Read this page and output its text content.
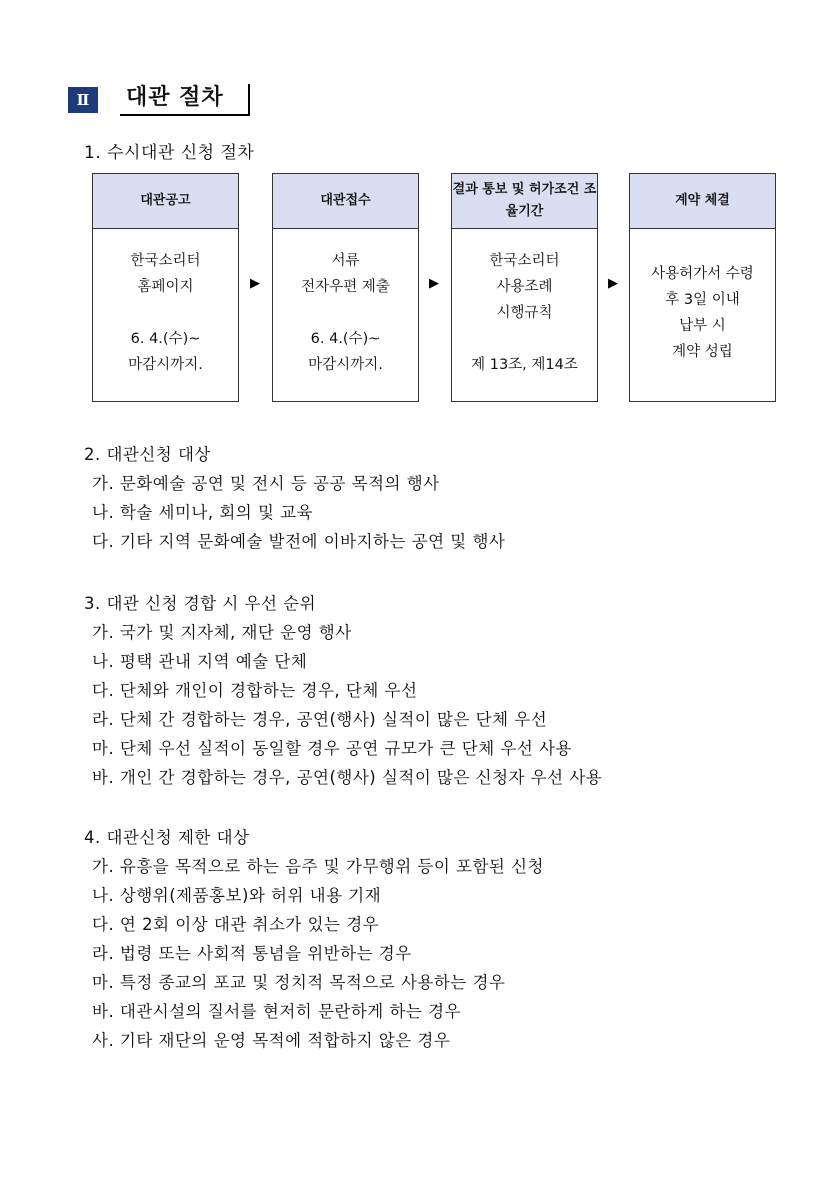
Ⅱ	대관 절차
1. 수시대관 신청 절차
대관공고
한국소리터
홈페이지
6. 4.(수)~
마감시까지.
▶
대관접수
서류
전자우편 제출
6. 4.(수)~
마감시까지.
▶
결과 통보 및 허가조건 조율기간
한국소리터
사용조례
시행규칙
제 13조, 제14조
▶
계약 체결
사용허가서 수령
후 3일 이내
납부 시
계약 성립
2. 대관신청 대상
가. 문화예술 공연 및 전시 등 공공 목적의 행사
나. 학술 세미나, 회의 및 교육
다. 기타 지역 문화예술 발전에 이바지하는 공연 및 행사
3. 대관 신청 경합 시 우선 순위
가. 국가 및 지자체, 재단 운영 행사
나. 평택 관내 지역 예술 단체
다. 단체와 개인이 경합하는 경우, 단체 우선
라. 단체 간 경합하는 경우, 공연(행사) 실적이 많은 단체 우선
마. 단체 우선 실적이 동일할 경우 공연 규모가 큰 단체 우선 사용
바. 개인 간 경합하는 경우, 공연(행사) 실적이 많은 신청자 우선 사용
4. 대관신청 제한 대상
가. 유흥을 목적으로 하는 음주 및 가무행위 등이 포함된 신청
나. 상행위(제품홍보)와 허위 내용 기재
다. 연 2회 이상 대관 취소가 있는 경우
라. 법령 또는 사회적 통념을 위반하는 경우
마. 특정 종교의 포교 및 정치적 목적으로 사용하는 경우
바. 대관시설의 질서를 현저히 문란하게 하는 경우
사. 기타 재단의 운영 목적에 적합하지 않은 경우
